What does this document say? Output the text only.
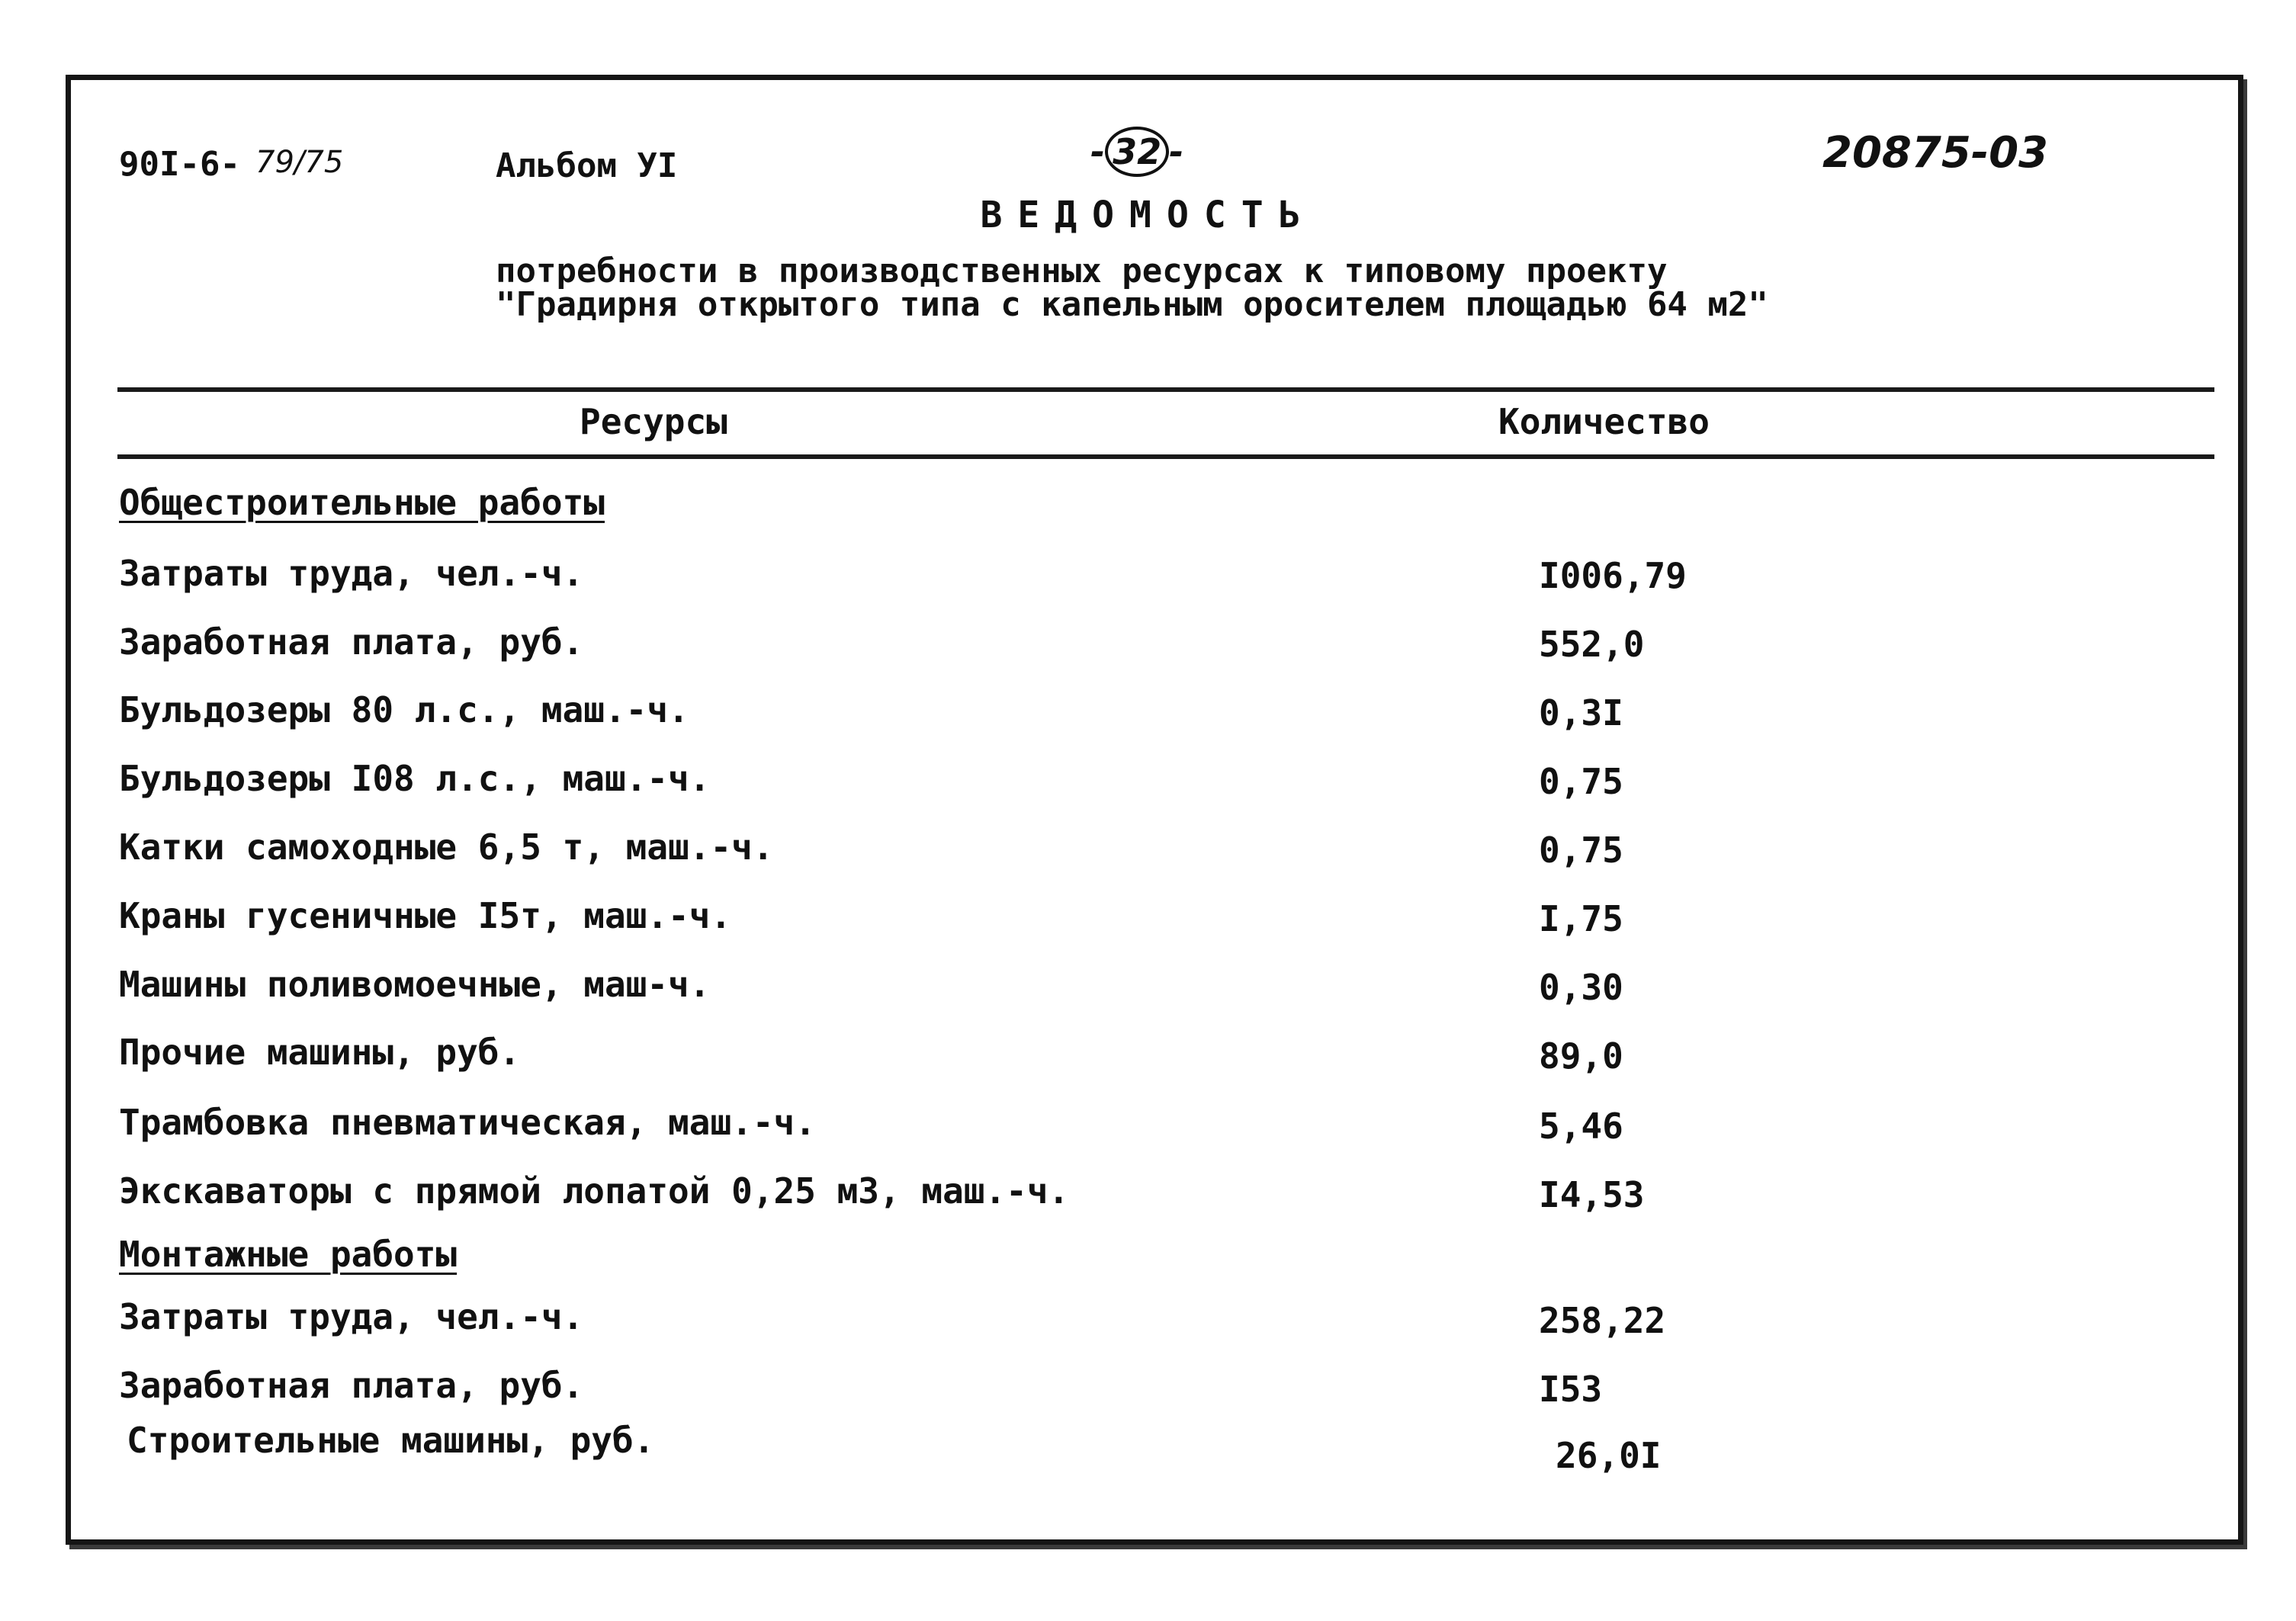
90I-6- 79/75	Альбом УI	- 32 -	20875-03
ВЕДОМОСТЬ
потребности в производственных ресурсах к типовому проекту
"Градирня открытого типа с капельным оросителем площадью 64 м2"
Ресурсы	Количество
Общестроительные работы
Затраты труда, чел.-ч.	I006,79
Заработная плата, руб.	552,0
Бульдозеры 80 л.с., маш.-ч.	0,3I
Бульдозеры I08 л.с., маш.-ч.	0,75
Катки самоходные 6,5 т, маш.-ч.	0,75
Краны гусеничные I5т, маш.-ч.	I,75
Машины поливомоечные, маш-ч.	0,30
Прочие машины, руб.	89,0
Трамбовка пневматическая, маш.-ч.	5,46
Экскаваторы с прямой лопатой 0,25 м3, маш.-ч.	I4,53
Монтажные работы
Затраты труда, чел.-ч.	258,22
Заработная плата, руб.	I53
Строительные машины, руб.	26,0I
